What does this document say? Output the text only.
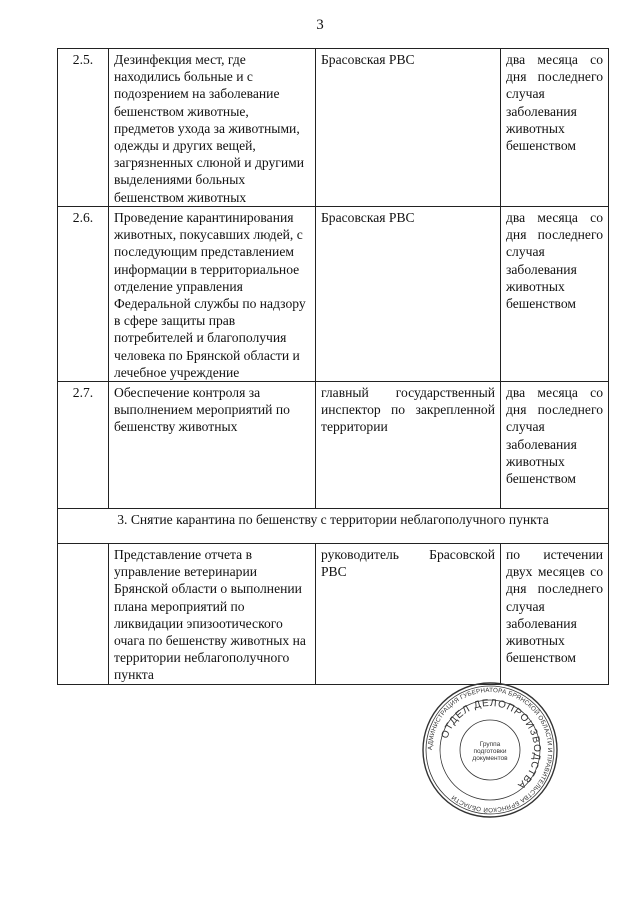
3
2.5.	Дезинфекция мест, где находились больные и с подозрением на заболевание бешенством животные, предметов ухода за животными, одежды и других вещей, загрязненных слюной и другими выделениями больных бешенством животных	Брасовская РВС	два месяца со дня последнего случая заболевания животных бешенством
2.6.	Проведение карантинирования животных, покусавших людей, с последующим представлением информации в территориальное отделение управления Федеральной службы по надзору в сфере защиты прав потребителей и благополучия человека по Брянской области и лечебное учреждение	Брасовская РВС	два месяца со дня последнего случая заболевания животных бешенством
2.7.	Обеспечение контроля за выполнением мероприятий по бешенству животных	главный государственный инспектор по закрепленной территории	два месяца со дня последнего случая заболевания животных бешенством
3. Снятие карантина по бешенству с территории неблагополучного пункта			
	Представление отчета в управление ветеринарии Брянской области о выполнении плана мероприятий по ликвидации эпизоотического очага по бешенству животных на территории неблагополучного пункта	руководитель Брасовской РВС	по истечении двух месяцев со дня последнего случая заболевания животных бешенством
АДМИНИСТРАЦИЯ ГУБЕРНАТОРА БРЯНСКОЙ ОБЛАСТИ И ПРАВИТЕЛЬСТВА БРЯНСКОЙ ОБЛАСТИ
ОТДЕЛ ДЕЛОПРОИЗВОДСТВА
Группа
подготовки
документов
